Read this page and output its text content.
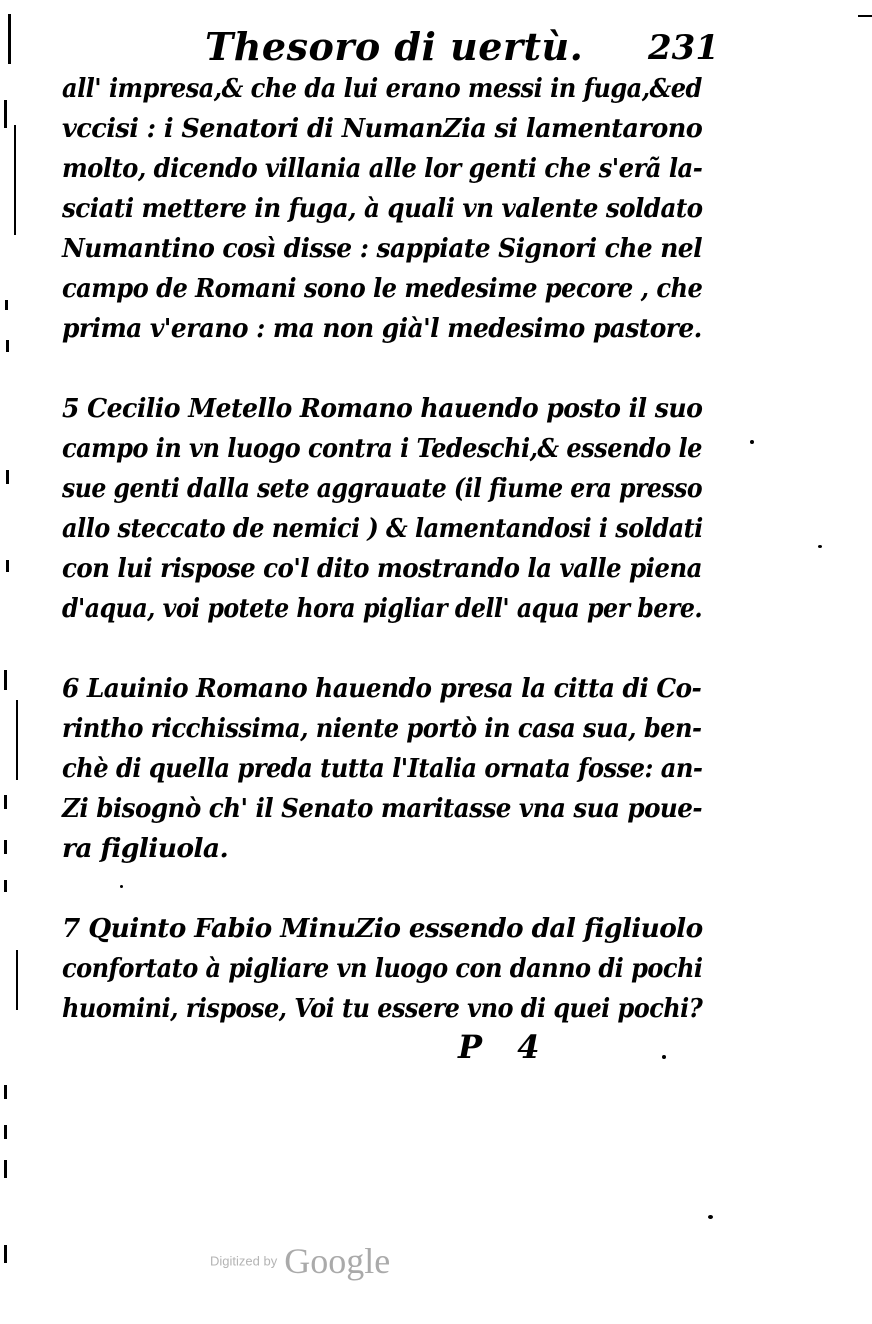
Thesoro di uertù. 231
all' impresa,& che da lui erano messi in fuga,&ed
vccisi : i Senatori di NumanZia si lamentarono
molto, dicendo villania alle lor genti che s'erã la-
sciati mettere in fuga, à quali vn valente soldato
Numantino così disse : sappiate Signori che nel
campo de Romani sono le medesime pecore , che
prima v'erano : ma non già'l medesimo pastore.
5 Cecilio Metello Romano hauendo posto il suo
campo in vn luogo contra i Tedeschi,& essendo le
sue genti dalla sete aggrauate (il fiume era presso
allo steccato de nemici ) & lamentandosi i soldati
con lui rispose co'l dito mostrando la valle piena
d'aqua, voi potete hora pigliar dell' aqua per bere.
6 Lauinio Romano hauendo presa la citta di Co-
rintho ricchissima, niente portò in casa sua, ben-
chè di quella preda tutta l'Italia ornata fosse: an-
Zi bisognò ch' il Senato maritasse vna sua poue-
ra figliuola.
7 Quinto Fabio MinuZio essendo dal figliuolo
confortato à pigliare vn luogo con danno di pochi
huomini, rispose, Voi tu essere vno di quei pochi?
P 4
Digitized by Google
